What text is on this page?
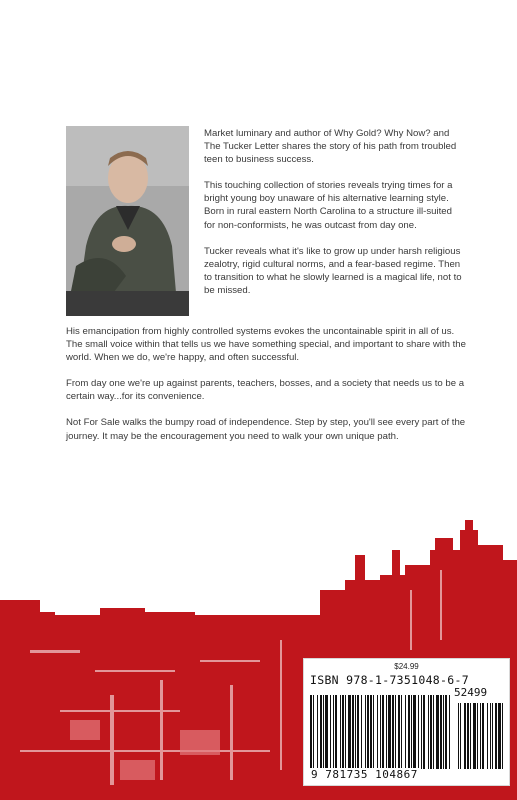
Market luminary and author of Why Gold? Why Now? and The Tucker Letter shares the story of his path from troubled teen to business success.

This touching collection of stories reveals trying times for a bright young boy unaware of his alternative learning style. Born in rural eastern North Carolina to a structure ill-suited for non-conformists, he was outcast from day one.

Tucker reveals what it's like to grow up under harsh religious zealotry, rigid cultural norms, and a fear-based regime. Then to transition to what he slowly learned is a magical life, not to be missed.

His emancipation from highly controlled systems evokes the uncontainable spirit in all of us. The small voice within that tells us we have something special, and important to share with the world. When we do, we're happy, and often successful.

From day one we're up against parents, teachers, bosses, and a society that needs us to be a certain way...for its convenience.

Not For Sale walks the bumpy road of independence. Step by step, you'll see every part of the journey. It may be the encouragement you need to walk your own unique path.

$24.99
ISBN 978-1-7351048-6-7
52499
9 781735 104867
